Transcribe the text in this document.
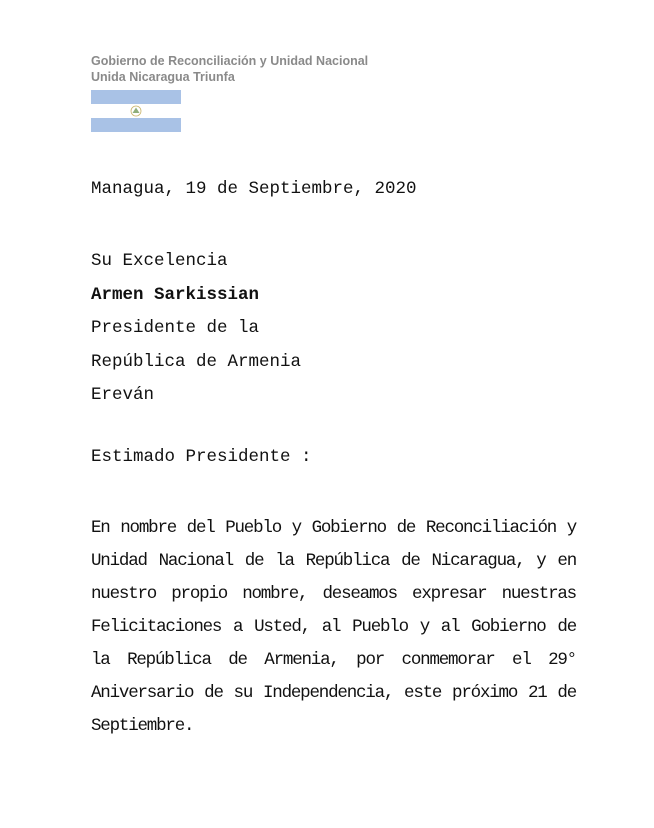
Gobierno de Reconciliación y Unidad Nacional
Unida Nicaragua Triunfa
Managua, 19 de Septiembre, 2020
Su Excelencia
Armen Sarkissian
Presidente de la
República de Armenia
Ereván
Estimado Presidente :
En nombre del Pueblo y Gobierno de Reconciliación y Unidad Nacional de la República de Nicaragua, y en nuestro propio nombre, deseamos expresar nuestras Felicitaciones a Usted, al Pueblo y al Gobierno de la República de Armenia, por conmemorar el 29° Aniversario de su Independencia, este próximo 21 de Septiembre.
